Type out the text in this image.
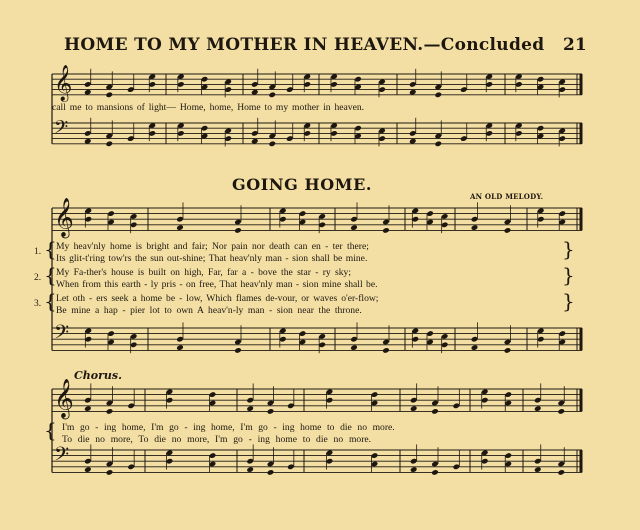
𝄞
𝄢
𝄞
𝄢
𝄞
𝄢
HOME TO MY MOTHER IN HEAVEN.—Concluded 21
call me to mansions of light— Home, home, Home to my mother in heaven.
GOING HOME.
AN OLD MELODY.
1. { My heav'nly home is bright and fair; Nor pain nor death can en - ter there;
Its glit-t'ring tow'rs the sun out-shine; That heav'nly man - sion shall be mine.	}
2. { My Fa-ther's house is built on high, Far, far a - bove the star - ry sky;
When from this earth - ly pris - on free, That heav'nly man - sion mine shall be.	}
3. { Let oth - ers seek a home be - low, Which flames de-vour, or waves o'er-flow;
Be mine a hap - pier lot to own A heav'n-ly man - sion near the throne.	}
Chorus.
{ I'm go - ing home, I'm go - ing home, I'm go - ing home to die no more.
To die no more, To die no more, I'm go - ing home to die no more.
